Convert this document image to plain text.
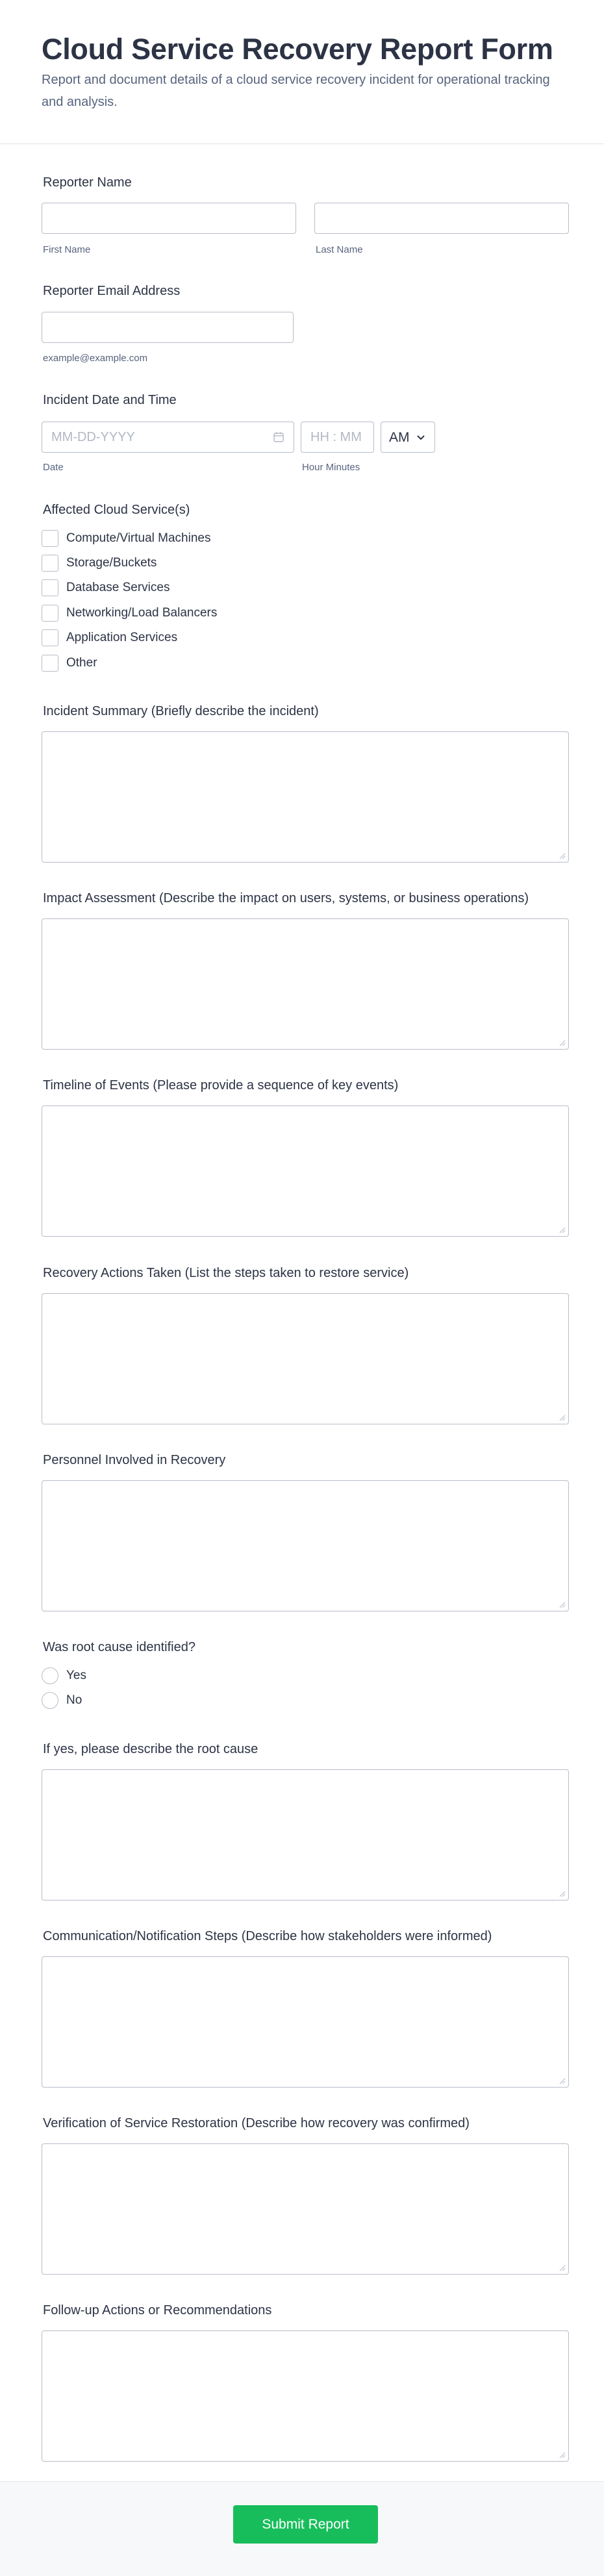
Cloud Service Recovery Report Form
Report and document details of a cloud service recovery incident for operational tracking and analysis.
Reporter Name
First Name	Last Name
Reporter Email Address
example@example.com
Incident Date and Time
MM-DD-YYYY	HH : MM AM
Date	Hour Minutes
Affected Cloud Service(s)
Compute/Virtual Machines
Storage/Buckets
Database Services
Networking/Load Balancers
Application Services
Other
Incident Summary (Briefly describe the incident)
Impact Assessment (Describe the impact on users, systems, or business operations)
Timeline of Events (Please provide a sequence of key events)
Recovery Actions Taken (List the steps taken to restore service)
Personnel Involved in Recovery
Was root cause identified?
Yes
No
If yes, please describe the root cause
Communication/Notification Steps (Describe how stakeholders were informed)
Verification of Service Restoration (Describe how recovery was confirmed)
Follow-up Actions or Recommendations
Submit Report
